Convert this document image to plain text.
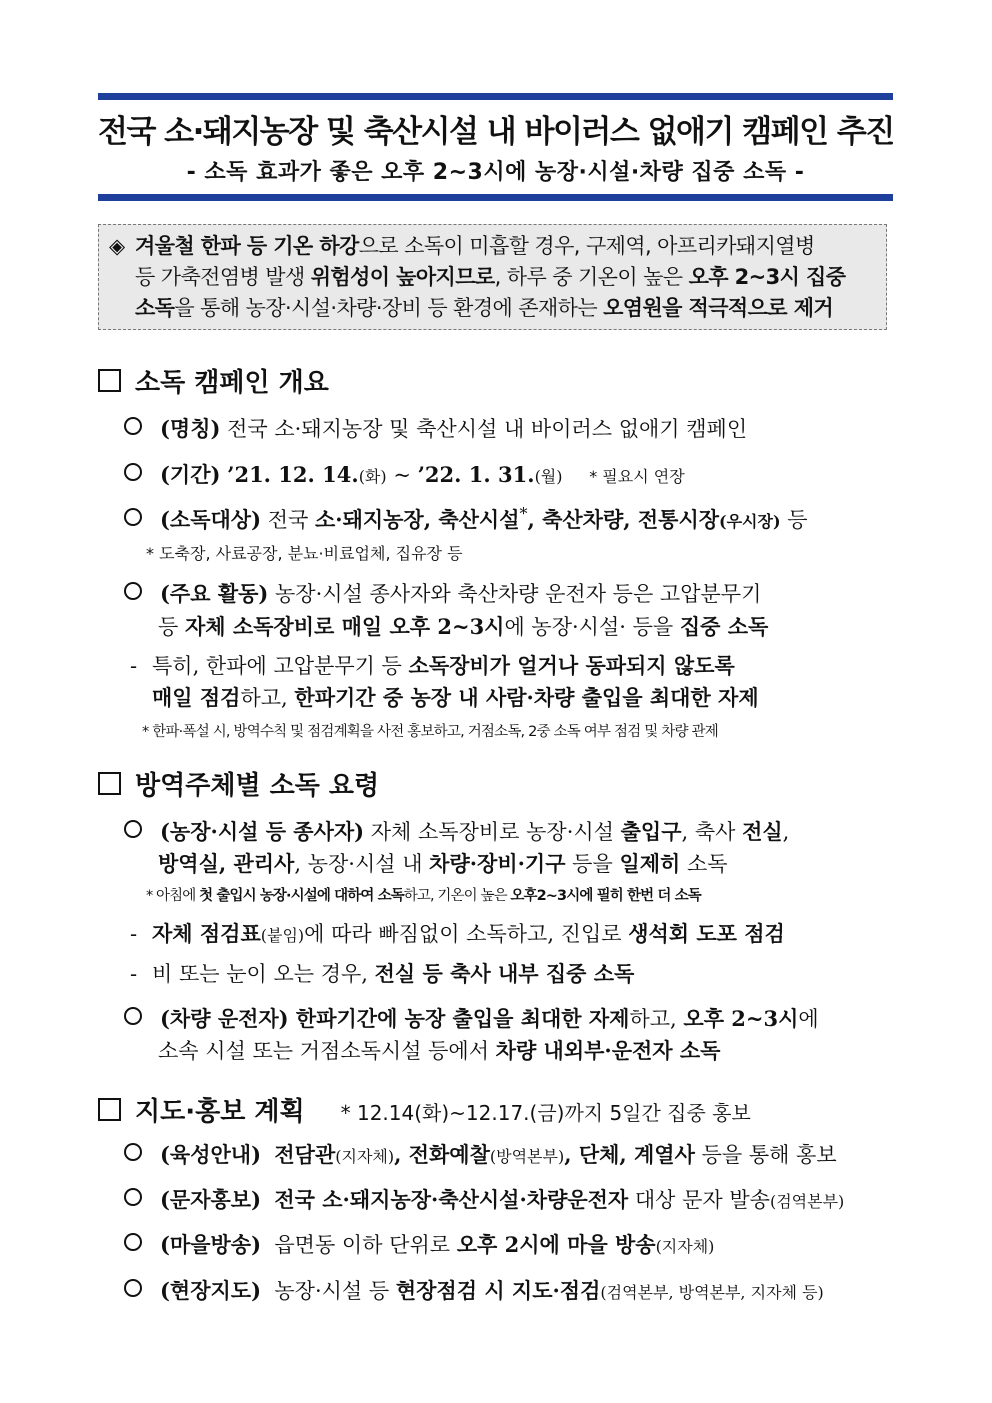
전국 소·돼지농장 및 축산시설 내 바이러스 없애기 캠페인 추진
- 소독 효과가 좋은 오후 2~3시에 농장·시설·차량 집중 소독 -
◈ 겨울철 한파 등 기온 하강으로 소독이 미흡할 경우, 구제역, 아프리카돼지열병
등 가축전염병 발생 위험성이 높아지므로, 하루 중 기온이 높은 오후 2~3시 집중
소독을 통해 농장·시설·차량·장비 등 환경에 존재하는 오염원을 적극적으로 제거
소독 캠페인 개요
(명칭) 전국 소·돼지농장 및 축산시설 내 바이러스 없애기 캠페인
(기간) ’21. 12. 14.(화) ~ ’22. 1. 31.(월) * 필요시 연장
(소독대상) 전국 소·돼지농장, 축산시설*, 축산차량, 전통시장(우시장) 등
* 도축장, 사료공장, 분뇨·비료업체, 집유장 등
(주요 활동) 농장·시설 종사자와 축산차량 운전자 등은 고압분무기
등 자체 소독장비로 매일 오후 2~3시에 농장·시설· 등을 집중 소독
- 특히, 한파에 고압분무기 등 소독장비가 얼거나 동파되지 않도록
매일 점검하고, 한파기간 중 농장 내 사람·차량 출입을 최대한 자제
* 한파·폭설 시, 방역수칙 및 점검계획을 사전 홍보하고, 거점소독, 2중 소독 여부 점검 및 차량 관제
방역주체별 소독 요령
(농장·시설 등 종사자) 자체 소독장비로 농장·시설 출입구, 축사 전실,
방역실, 관리사, 농장·시설 내 차량·장비·기구 등을 일제히 소독
* 아침에 첫 출입시 농장·시설에 대하여 소독하고, 기온이 높은 오후2~3시에 필히 한번 더 소독
- 자체 점검표(붙임)에 따라 빠짐없이 소독하고, 진입로 생석회 도포 점검
- 비 또는 눈이 오는 경우, 전실 등 축사 내부 집중 소독
(차량 운전자) 한파기간에 농장 출입을 최대한 자제하고, 오후 2~3시에
소속 시설 또는 거점소독시설 등에서 차량 내외부·운전자 소독
지도·홍보 계획 * 12.14(화)~12.17.(금)까지 5일간 집중 홍보
(육성안내) 전담관(지자체), 전화예찰(방역본부), 단체, 계열사 등을 통해 홍보
(문자홍보) 전국 소·돼지농장·축산시설·차량운전자 대상 문자 발송(검역본부)
(마을방송) 읍면동 이하 단위로 오후 2시에 마을 방송(지자체)
(현장지도) 농장·시설 등 현장점검 시 지도·점검(검역본부, 방역본부, 지자체 등)
